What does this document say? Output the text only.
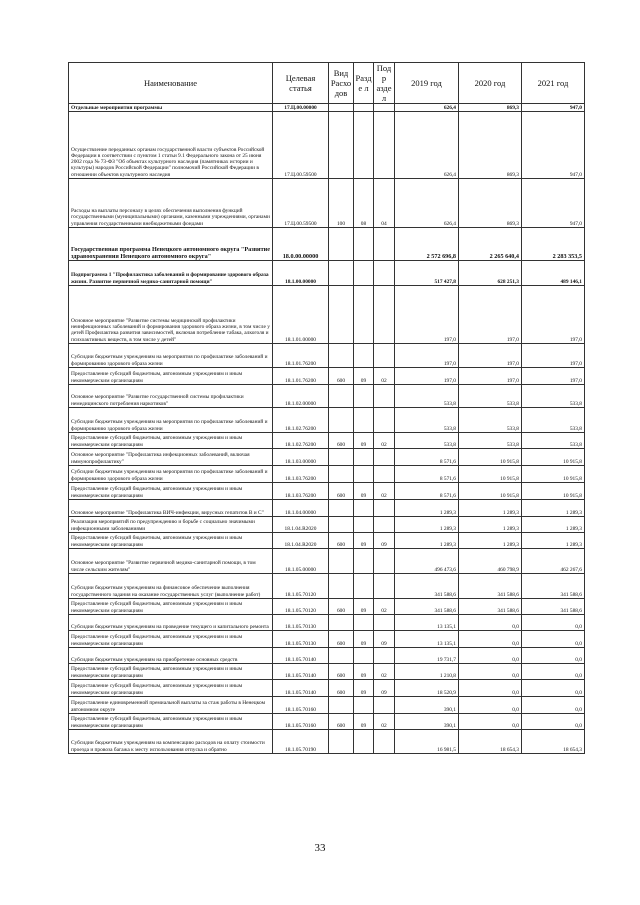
Наименование	Целевая статья	Вид Расхо дов	Разде л	Подр аздел	2019 год	2020 год	2021 год
Отдельные мероприятия программы	17.Ц.00.00000				626,4	869,3	947,0
Осуществление переданных органам государственной власти субъектов Российской Федерации в соответствии с пунктом 1 статьи 9.1 Федерального закона от 25 июня 2002 года № 73-ФЗ "Об объектах культурного наследия (памятниках истории и культуры) народов Российской Федерации" полномочий Российской Федерации в отношении объектов культурного наследия	17.Ц.00.59500				626,4	869,3	947,0
Расходы на выплаты персоналу в целях обеспечения выполнения функций государственными (муниципальными) органами, казенными учреждениями, органами управления государственными внебюджетными фондами	17.Ц.00.59500	100	08	04	626,4	869,3	947,0
Государственная программа Ненецкого автономного округа "Развитие здравоохранения Ненецкого автономного округа"	18.0.00.00000				2 572 696,8	2 265 640,4	2 283 353,5
Подпрограмма 1 "Профилактика заболеваний и формирование здорового образа жизни. Развитие первичной медико-санитарной помощи"	18.1.00.00000				517 427,8	628 251,3	489 146,1
Основное мероприятие "Развитие системы медицинской профилактики неинфекционных заболеваний и формирования здорового образа жизни, в том числе у детей Профилактика развития зависимостей, включая потребление табака, алкоголя и психоактивных веществ, в том числе у детей"	18.1.01.00000				197,0	197,0	197,0
Субсидии бюджетным учреждениям на мероприятия по профилактике заболеваний и формированию здорового образа жизни	18.1.01.76200				197,0	197,0	197,0
Предоставление субсидий бюджетным, автономным учреждениям и иным некоммерческим организациям	18.1.01.76200	600	09	02	197,0	197,0	197,0
Основное мероприятие "Развитие государственной системы профилактики немедицинского потребления наркотиков"	18.1.02.00000				533,8	533,8	533,8
Субсидии бюджетным учреждениям на мероприятия по профилактике заболеваний и формированию здорового образа жизни	18.1.02.76200				533,8	533,8	533,8
Предоставление субсидий бюджетным, автономным учреждениям и иным некоммерческим организациям	18.1.02.76200	600	09	02	533,8	533,8	533,8
Основное мероприятие "Профилактика инфекционных заболеваний, включая иммунопрофилактику"	18.1.03.00000				8 571,6	10 915,8	10 915,8
Субсидии бюджетным учреждениям на мероприятия по профилактике заболеваний и формированию здорового образа жизни	18.1.03.76200				8 571,6	10 915,8	10 915,8
Предоставление субсидий бюджетным, автономным учреждениям и иным некоммерческим организациям	18.1.03.76200	600	09	02	8 571,6	10 915,8	10 915,8
Основное мероприятие "Профилактика ВИЧ-инфекции, вирусных гепатитов В и С"	18.1.04.00000				1 289,3	1 289,3	1 289,3
Реализация мероприятий по предупреждению и борьбе с социально значимыми инфекционными заболеваниями	18.1.04.R2020				1 289,3	1 289,3	1 289,3
Предоставление субсидий бюджетным, автономным учреждениям и иным некоммерческим организациям	18.1.04.R2020	600	09	09	1 289,3	1 289,3	1 289,3
Основное мероприятие "Развитие первичной медико-санитарной помощи, в том числе сельским жителям"	18.1.05.00000				496 473,6	460 798,9	462 267,6
Субсидии бюджетным учреждениям на финансовое обеспечение выполнения государственного задания на оказание государственных услуг (выполнение работ)	18.1.05.70120				341 588,6	341 588,6	341 588,6
Предоставление субсидий бюджетным, автономным учреждениям и иным некоммерческим организациям	18.1.05.70120	600	09	02	341 588,6	341 588,6	341 588,6
Субсидии бюджетным учреждениям на проведение текущего и капитального ремонта	18.1.05.70130				13 135,1	0,0	0,0
Предоставление субсидий бюджетным, автономным учреждениям и иным некоммерческим организациям	18.1.05.70130	600	09	09	13 135,1	0,0	0,0
Субсидии бюджетным учреждениям на приобретение основных средств	18.1.05.70140				19 731,7	0,0	0,0
Предоставление субсидий бюджетным, автономным учреждениям и иным некоммерческим организациям	18.1.05.70140	600	09	02	1 210,8	0,0	0,0
Предоставление субсидий бюджетным, автономным учреждениям и иным некоммерческим организациям	18.1.05.70140	600	09	09	18 520,9	0,0	0,0
Предоставление единовременной премиальной выплаты за стаж работы в Ненецком автономном округе	18.1.05.70160				390,1	0,0	0,0
Предоставление субсидий бюджетным, автономным учреждениям и иным некоммерческим организациям	18.1.05.70160	600	09	02	390,1	0,0	0,0
Субсидии бюджетным учреждениям на компенсацию расходов на оплату стоимости проезда и провоза багажа к месту использования отпуска и обратно	18.1.05.70190				16 981,5	18 654,3	18 654,3
33
